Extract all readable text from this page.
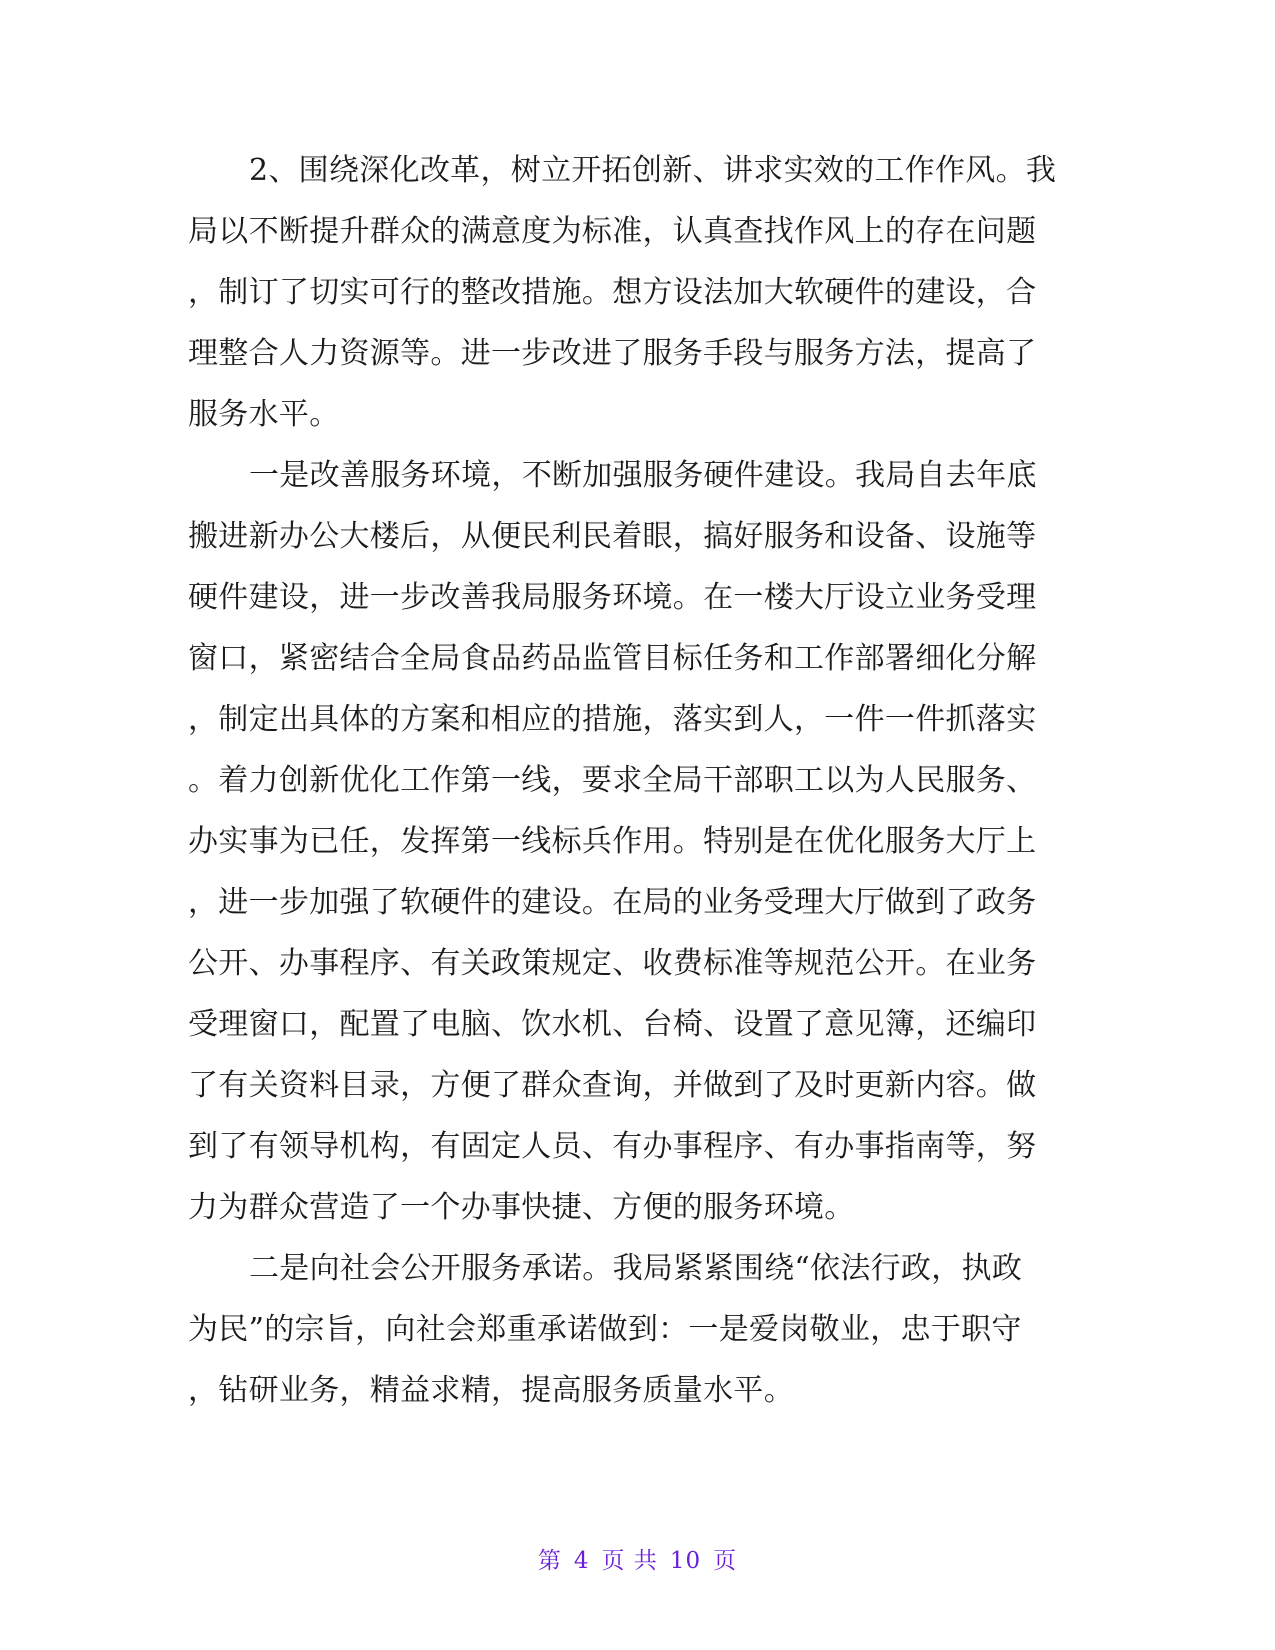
2、围绕深化改革，树立开拓创新、讲求实效的工作作风。我
局以不断提升群众的满意度为标准，认真查找作风上的存在问题
，制订了切实可行的整改措施。想方设法加大软硬件的建设，合
理整合人力资源等。进一步改进了服务手段与服务方法，提高了
服务水平。
一是改善服务环境，不断加强服务硬件建设。我局自去年底
搬进新办公大楼后，从便民利民着眼，搞好服务和设备、设施等
硬件建设，进一步改善我局服务环境。在一楼大厅设立业务受理
窗口，紧密结合全局食品药品监管目标任务和工作部署细化分解
，制定出具体的方案和相应的措施，落实到人，一件一件抓落实
。着力创新优化工作第一线，要求全局干部职工以为人民服务、
办实事为已任，发挥第一线标兵作用。特别是在优化服务大厅上
，进一步加强了软硬件的建设。在局的业务受理大厅做到了政务
公开、办事程序、有关政策规定、收费标准等规范公开。在业务
受理窗口，配置了电脑、饮水机、台椅、设置了意见簿，还编印
了有关资料目录，方便了群众查询，并做到了及时更新内容。做
到了有领导机构，有固定人员、有办事程序、有办事指南等，努
力为群众营造了一个办事快捷、方便的服务环境。
二是向社会公开服务承诺。我局紧紧围绕“依法行政，执政
为民”的宗旨，向社会郑重承诺做到：一是爱岗敬业，忠于职守
，钻研业务，精益求精，提高服务质量水平。
第 4 页 共 10 页
